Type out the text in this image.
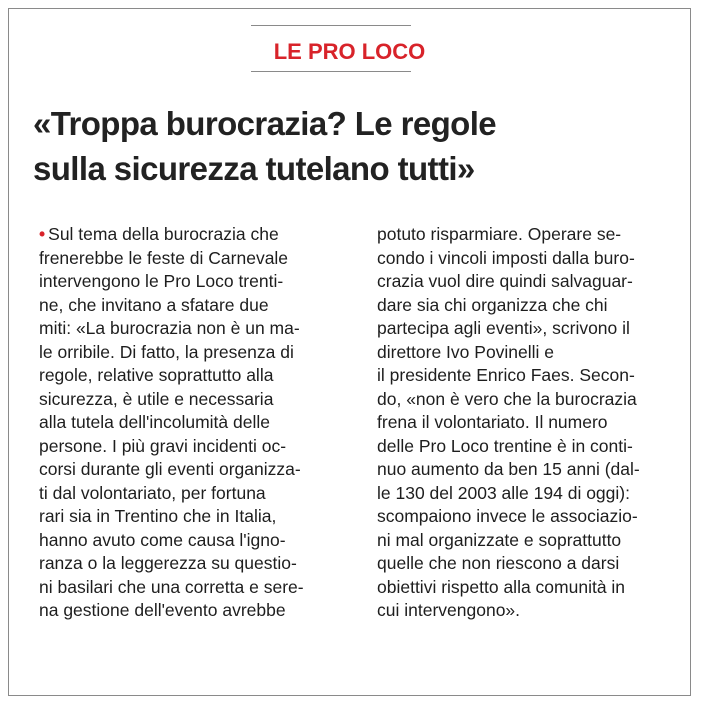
LE PRO LOCO
«Troppa burocrazia? Le regole
sulla sicurezza tutelano tutti»
• Sul tema della burocrazia che
frenerebbe le feste di Carnevale
intervengono le Pro Loco trenti-
ne, che invitano a sfatare due
miti: «La burocrazia non è un ma-
le orribile. Di fatto, la presenza di
regole, relative soprattutto alla
sicurezza, è utile e necessaria
alla tutela dell'incolumità delle
persone. I più gravi incidenti oc-
corsi durante gli eventi organizza-
ti dal volontariato, per fortuna
rari sia in Trentino che in Italia,
hanno avuto come causa l'igno-
ranza o la leggerezza su questio-
ni basilari che una corretta e sere-
na gestione dell'evento avrebbe
potuto risparmiare. Operare se-
condo i vincoli imposti dalla buro-
crazia vuol dire quindi salvaguar-
dare sia chi organizza che chi
partecipa agli eventi», scrivono il
direttore Ivo Povinelli e
il presidente Enrico Faes. Secon-
do, «non è vero che la burocrazia
frena il volontariato. Il numero
delle Pro Loco trentine è in conti-
nuo aumento da ben 15 anni (dal-
le 130 del 2003 alle 194 di oggi):
scompaiono invece le associazio-
ni mal organizzate e soprattutto
quelle che non riescono a darsi
obiettivi rispetto alla comunità in
cui intervengono».
